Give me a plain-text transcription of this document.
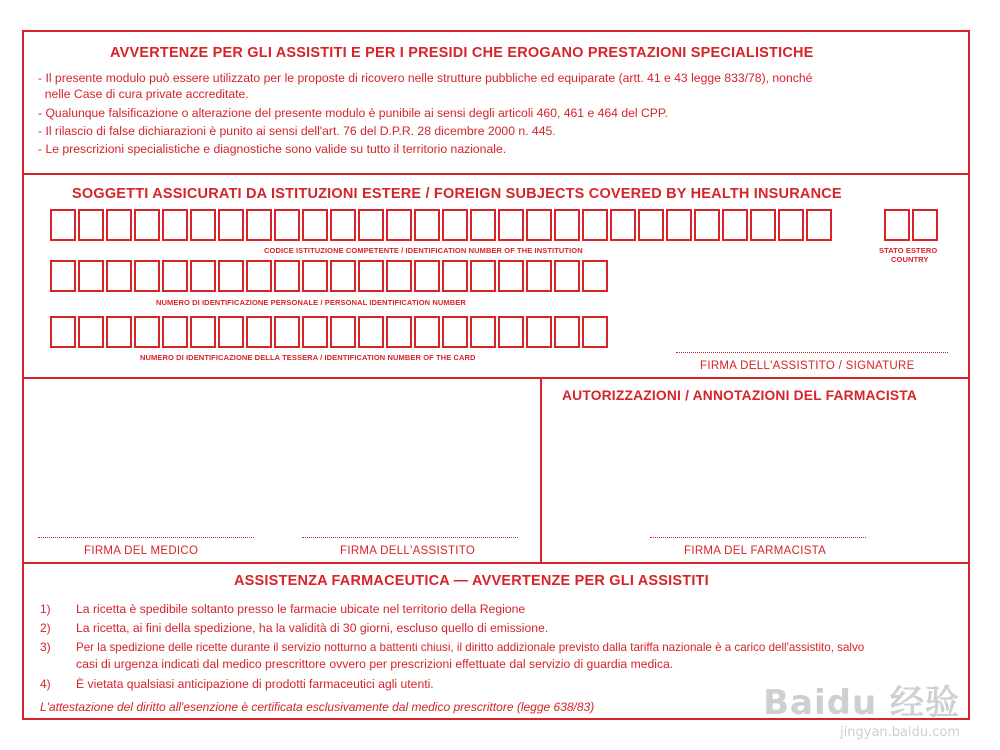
AVVERTENZE PER GLI ASSISTITI E PER I PRESIDI CHE EROGANO PRESTAZIONI SPECIALISTICHE
- Il presente modulo può essere utilizzato per le proposte di ricovero nelle strutture pubbliche ed equiparate (artt. 41 e 43 legge 833/78), nonché
nelle Case di cura private accreditate.
- Qualunque falsificazione o alterazione del presente modulo è punibile ai sensi degli articoli 460, 461 e 464 del CPP.
- Il rilascio di false dichiarazioni è punito ai sensi dell'art. 76 del D.P.R. 28 dicembre 2000 n. 445.
- Le prescrizioni specialistiche e diagnostiche sono valide su tutto il territorio nazionale.
SOGGETTI ASSICURATI DA ISTITUZIONI ESTERE / FOREIGN SUBJECTS COVERED BY HEALTH INSURANCE
CODICE ISTITUZIONE COMPETENTE / IDENTIFICATION NUMBER OF THE INSTITUTION	STATO ESTERO
COUNTRY
NUMERO DI IDENTIFICAZIONE PERSONALE / PERSONAL IDENTIFICATION NUMBER
NUMERO DI IDENTIFICAZIONE DELLA TESSERA / IDENTIFICATION NUMBER OF THE CARD
FIRMA DELL'ASSISTITO / SIGNATURE
FIRMA DEL MEDICO	FIRMA DELL'ASSISTITO
AUTORIZZAZIONI / ANNOTAZIONI DEL FARMACISTA
FIRMA DEL FARMACISTA
ASSISTENZA FARMACEUTICA — AVVERTENZE PER GLI ASSISTITI
1) La ricetta è spedibile soltanto presso le farmacie ubicate nel territorio della Regione
2) La ricetta, ai fini della spedizione, ha la validità di 30 giorni, escluso quello di emissione.
3) Per la spedizione delle ricette durante il servizio notturno a battenti chiusi, il diritto addizionale previsto dalla tariffa nazionale è a carico dell'assistito, salvo
casi di urgenza indicati dal medico prescrittore ovvero per prescrizioni effettuate dal servizio di guardia medica.
4) È vietata qualsiasi anticipazione di prodotti farmaceutici agli utenti.
L'attestazione del diritto all'esenzione è certificata esclusivamente dal medico prescrittore (legge 638/83)	Baidu 经验
jingyan.baidu.com
